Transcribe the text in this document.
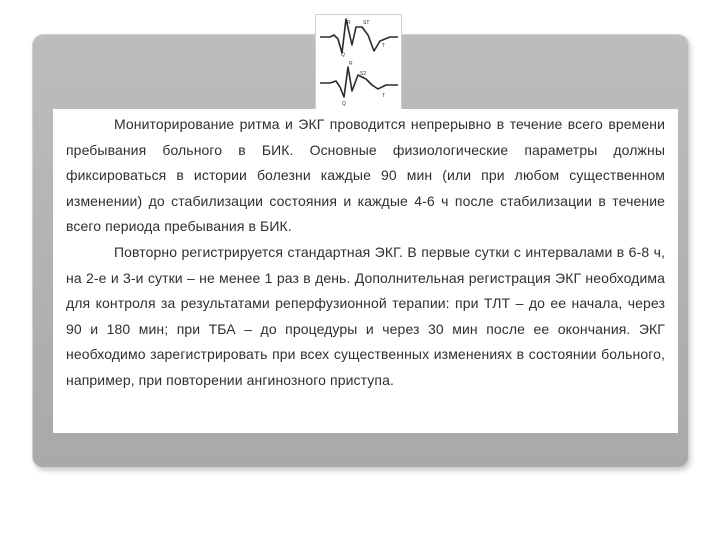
ST
R
Q
T
R
S2
Q
T

Мониторирование ритма и ЭКГ проводится непрерывно в течение всего времени пребывания больного в БИК. Основные физиологические параметры должны фиксироваться в истории болезни каждые 90 мин (или при любом существенном изменении) до стабилизации состояния и каждые 4-6 ч после стабилизации в течение всего периода пребывания в БИК.

Повторно регистрируется стандартная ЭКГ. В первые сутки с интервалами в 6-8 ч, на 2-е и 3-и сутки – не менее 1 раз в день. Дополнительная регистрация ЭКГ необходима для контроля за результатами реперфузионной терапии: при ТЛТ – до ее начала, через 90 и 180 мин; при ТБА – до процедуры и через 30 мин после ее окончания. ЭКГ необходимо зарегистрировать при всех существенных изменениях в состоянии больного, например, при повторении ангинозного приступа.
